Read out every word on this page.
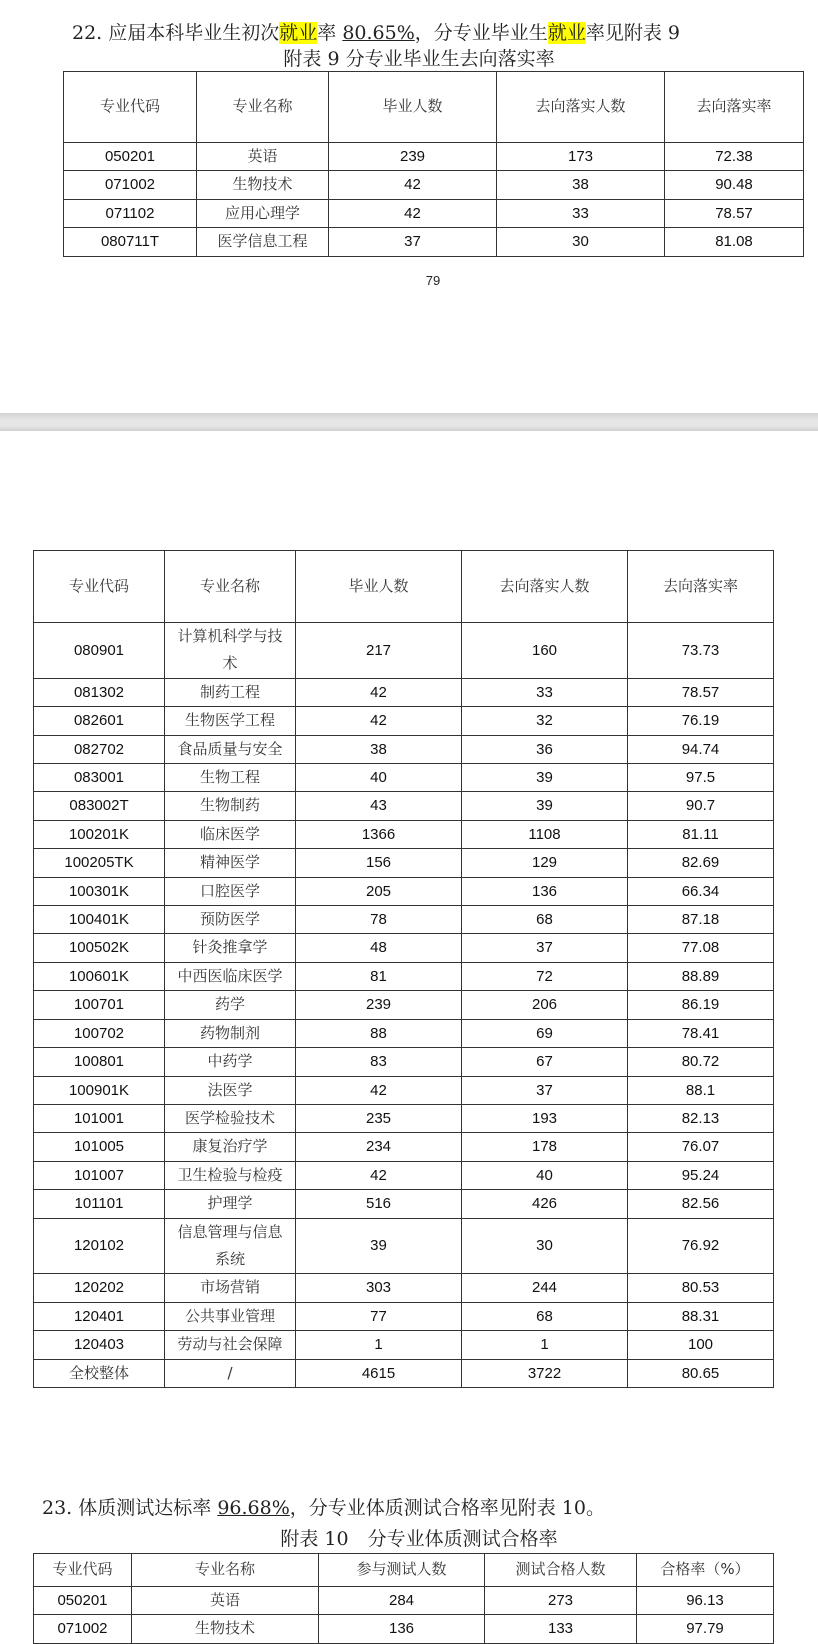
22. 应届本科毕业生初次就业率 80.65%，分专业毕业生就业率见附表 9
附表 9 分专业毕业生去向落实率
专业代码	专业名称	毕业人数	去向落实人数	去向落实率
050201	英语	239	173	72.38
071002	生物技术	42	38	90.48
071102	应用心理学	42	33	78.57
080711T	医学信息工程	37	30	81.08
79
专业代码	专业名称	毕业人数	去向落实人数	去向落实率
080901	计算机科学与技术	217	160	73.73
081302	制药工程	42	33	78.57
082601	生物医学工程	42	32	76.19
082702	食品质量与安全	38	36	94.74
083001	生物工程	40	39	97.5
083002T	生物制药	43	39	90.7
100201K	临床医学	1366	1108	81.11
100205TK	精神医学	156	129	82.69
100301K	口腔医学	205	136	66.34
100401K	预防医学	78	68	87.18
100502K	针灸推拿学	48	37	77.08
100601K	中西医临床医学	81	72	88.89
100701	药学	239	206	86.19
100702	药物制剂	88	69	78.41
100801	中药学	83	67	80.72
100901K	法医学	42	37	88.1
101001	医学检验技术	235	193	82.13
101005	康复治疗学	234	178	76.07
101007	卫生检验与检疫	42	40	95.24
101101	护理学	516	426	82.56
120102	信息管理与信息系统	39	30	76.92
120202	市场营销	303	244	80.53
120401	公共事业管理	77	68	88.31
120403	劳动与社会保障	1	1	100
全校整体	/	4615	3722	80.65
23. 体质测试达标率 96.68%，分专业体质测试合格率见附表 10。
附表 10　分专业体质测试合格率
专业代码	专业名称	参与测试人数	测试合格人数	合格率（%）
050201	英语	284	273	96.13
071002	生物技术	136	133	97.79
